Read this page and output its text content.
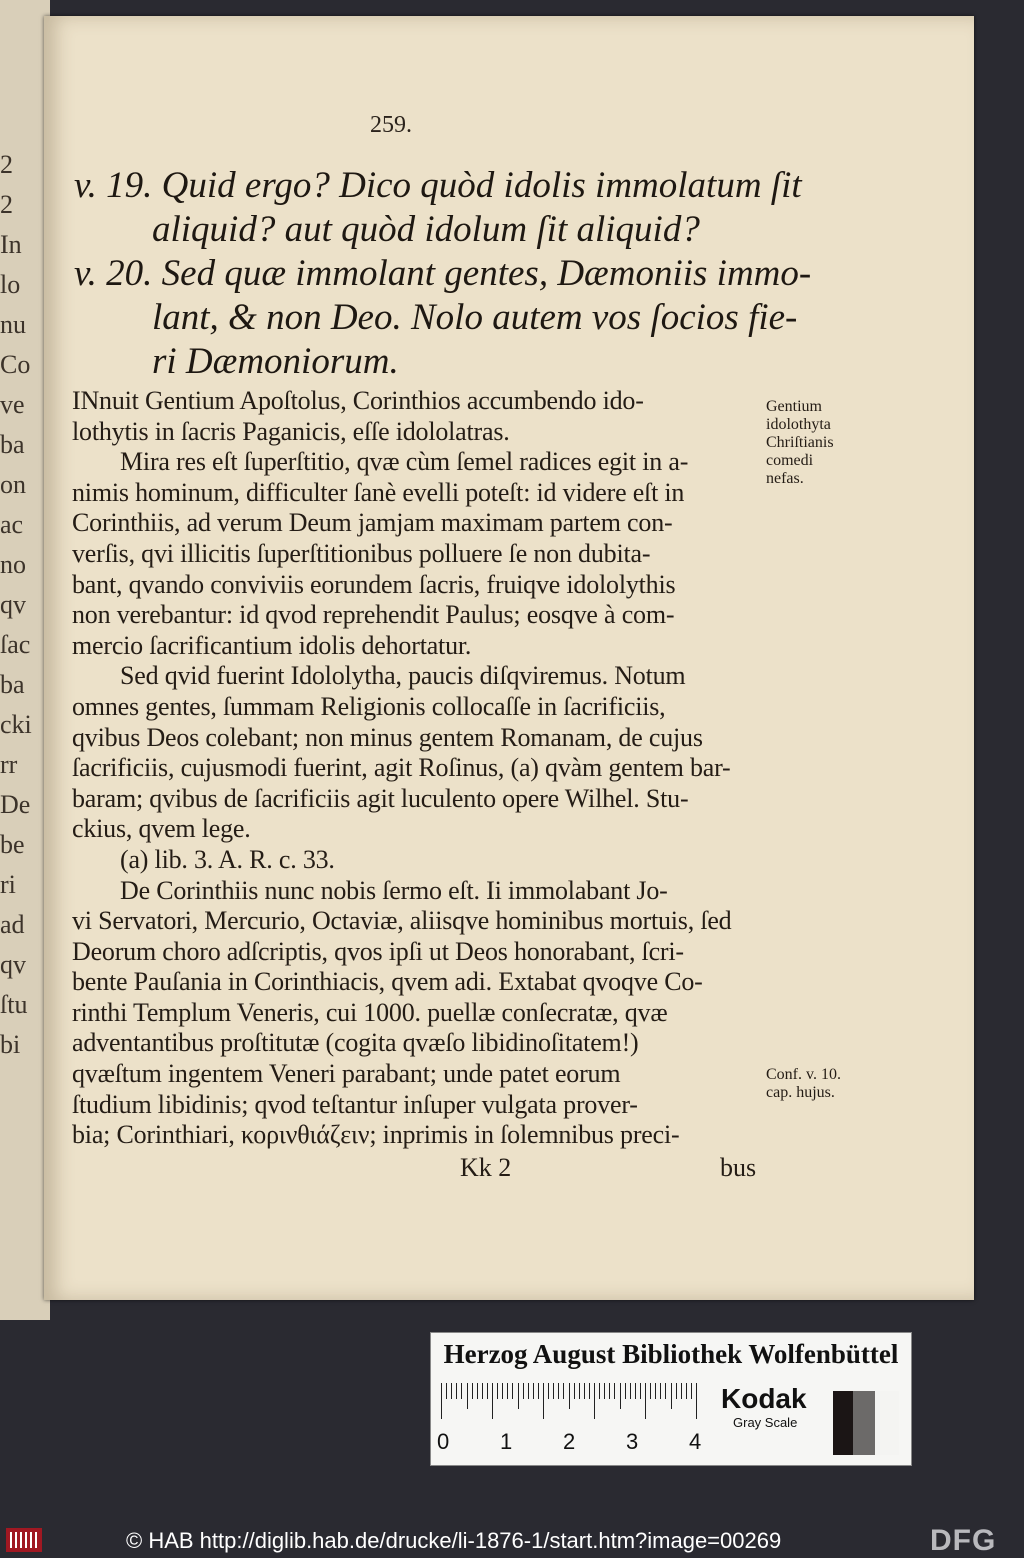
2
2
In
lo
nu
Co
ve
ba
on
ac
no
qv
ſac
ba
cki
rr
De
be
ri
ad
qv
ſtu
bi
259.
v. 19. Quid ergo? Dico quòd idolis immolatum ſit
aliquid? aut quòd idolum ſit aliquid?
v. 20. Sed quæ immolant gentes, Dæmoniis immo-
lant, & non Deo. Nolo autem vos ſocios fie-
ri Dæmoniorum.
INnuit Gentium Apoſtolus, Corinthios accumbendo ido-
lothytis in ſacris Paganicis, eſſe idololatras.
Mira res eſt ſuperſtitio, qvæ cùm ſemel radices egit in a-
nimis hominum, difficulter ſanè evelli poteſt: id videre eſt in
Corinthiis, ad verum Deum jamjam maximam partem con-
verſis, qvi illicitis ſuperſtitionibus polluere ſe non dubita-
bant, qvando conviviis eorundem ſacris, fruiqve idololythis
non verebantur: id qvod reprehendit Paulus; eosqve à com-
mercio ſacrificantium idolis dehortatur.
Sed qvid fuerint Idololytha, paucis diſqviremus. Notum
omnes gentes, ſummam Religionis collocaſſe in ſacrificiis,
qvibus Deos colebant; non minus gentem Romanam, de cujus
ſacrificiis, cujusmodi fuerint, agit Roſinus, (a) qvàm gentem bar-
baram; qvibus de ſacrificiis agit luculento opere Wilhel. Stu-
ckius, qvem lege.
(a) lib. 3. A. R. c. 33.
De Corinthiis nunc nobis ſermo eſt. Ii immolabant Jo-
vi Servatori, Mercurio, Octaviæ, aliisqve hominibus mortuis, ſed
Deorum choro adſcriptis, qvos ipſi ut Deos honorabant, ſcri-
bente Pauſania in Corinthiacis, qvem adi. Extabat qvoqve Co-
rinthi Templum Veneris, cui 1000. puellæ conſecratæ, qvæ
adventantibus proſtitutæ (cogita qvæſo libidinoſitatem!)
qvæſtum ingentem Veneri parabant; unde patet eorum
ſtudium libidinis; qvod teſtantur inſuper vulgata prover-
bia; Corinthiari, κορινθιάζειν; inprimis in ſolemnibus preci-
Gentium
idolothyta
Chriſtianis
comedi
nefas.
Conf. v. 10.
cap. hujus.
Kk 2	bus
Herzog August Bibliothek Wolfenbüttel
0 1 2 3 4
Kodak
Gray Scale
© HAB http://diglib.hab.de/drucke/li-1876-1/start.htm?image=00269	DFG
